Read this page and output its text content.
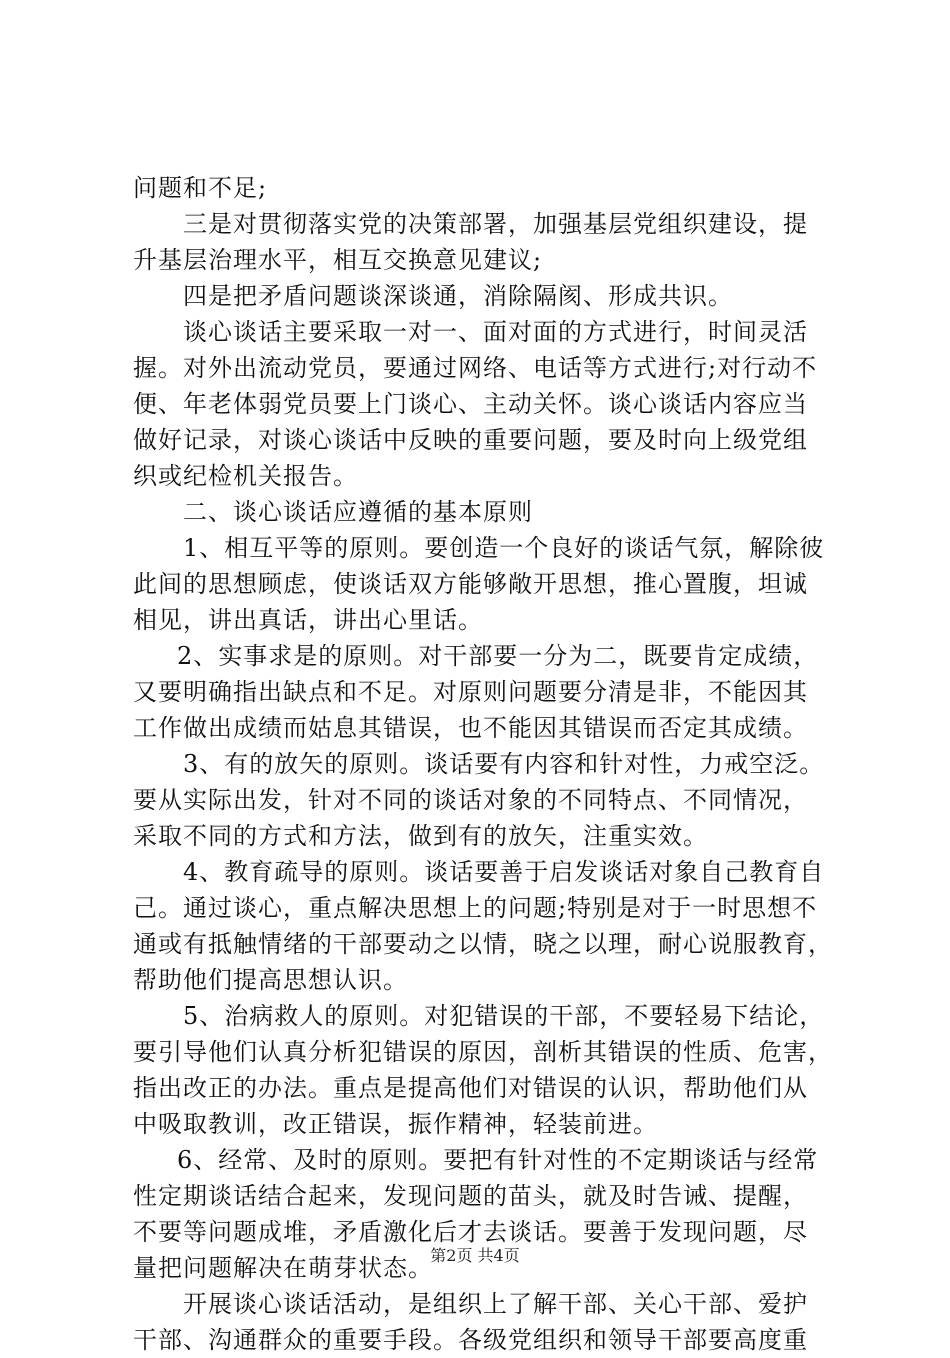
问题和不足;
三是对贯彻落实党的决策部署，加强基层党组织建设，提
升基层治理水平，相互交换意见建议;
四是把矛盾问题谈深谈通，消除隔阂、形成共识。
谈心谈话主要采取一对一、面对面的方式进行，时间灵活
握。对外出流动党员，要通过网络、电话等方式进行;对行动不
便、年老体弱党员要上门谈心、主动关怀。谈心谈话内容应当
做好记录，对谈心谈话中反映的重要问题，要及时向上级党组
织或纪检机关报告。
二、谈心谈话应遵循的基本原则
1、相互平等的原则。要创造一个良好的谈话气氛，解除彼
此间的思想顾虑，使谈话双方能够敞开思想，推心置腹，坦诚
相见，讲出真话，讲出心里话。
2、实事求是的原则。对干部要一分为二，既要肯定成绩，
又要明确指出缺点和不足。对原则问题要分清是非，不能因其
工作做出成绩而姑息其错误，也不能因其错误而否定其成绩。
3、有的放矢的原则。谈话要有内容和针对性，力戒空泛。
要从实际出发，针对不同的谈话对象的不同特点、不同情况，
采取不同的方式和方法，做到有的放矢，注重实效。
4、教育疏导的原则。谈话要善于启发谈话对象自己教育自
己。通过谈心，重点解决思想上的问题;特别是对于一时思想不
通或有抵触情绪的干部要动之以情，晓之以理，耐心说服教育，
帮助他们提高思想认识。
5、治病救人的原则。对犯错误的干部，不要轻易下结论，
要引导他们认真分析犯错误的原因，剖析其错误的性质、危害，
指出改正的办法。重点是提高他们对错误的认识，帮助他们从
中吸取教训，改正错误，振作精神，轻装前进。
6、经常、及时的原则。要把有针对性的不定期谈话与经常
性定期谈话结合起来，发现问题的苗头，就及时告诫、提醒，
不要等问题成堆，矛盾激化后才去谈话。要善于发现问题，尽
量把问题解决在萌芽状态。
开展谈心谈话活动，是组织上了解干部、关心干部、爱护
干部、沟通群众的重要手段。各级党组织和领导干部要高度重
第2页 共4页
